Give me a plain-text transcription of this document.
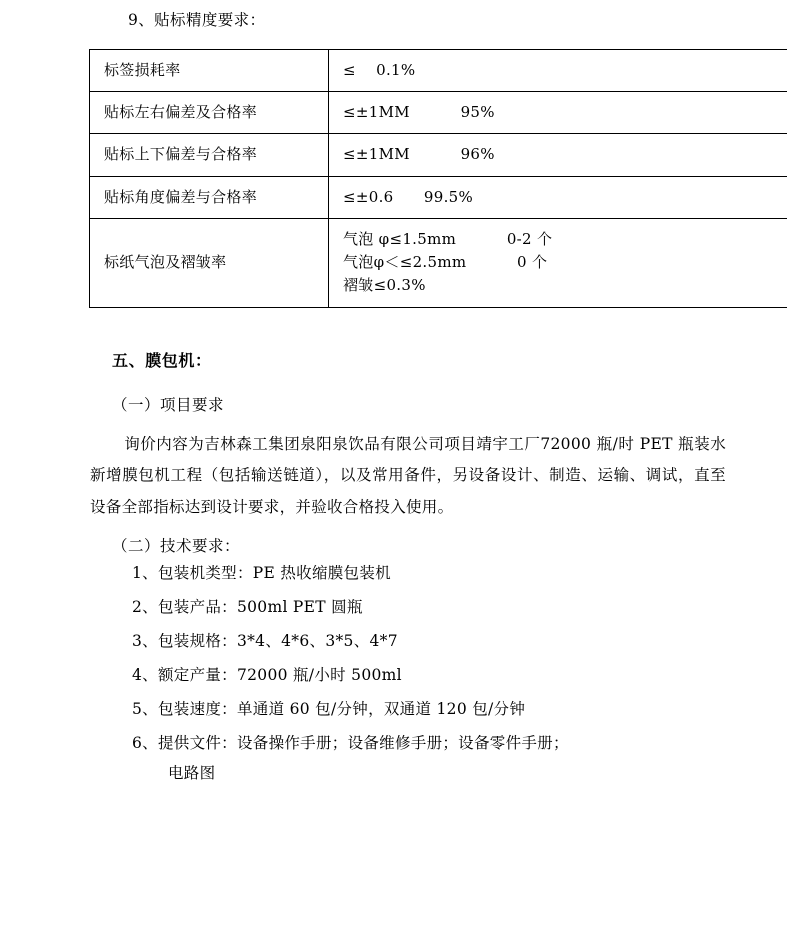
9、贴标精度要求：

标签损耗率	≤    0.1%

贴标左右偏差及合格率	≤±1MM          95%

贴标上下偏差与合格率	≤±1MM          96%

贴标角度偏差与合格率	≤±0.6      99.5%

标纸气泡及褶皱率	气泡 φ≤1.5mm          0-2 个
气泡φ＜≤2.5mm          0 个
褶皱≤0.3%

五、膜包机：

（一）项目要求

询价内容为吉林森工集团泉阳泉饮品有限公司项目靖宇工厂72000 瓶/时 PET 瓶装水新增膜包机工程（包括输送链道），以及常用备件，另设备设计、制造、运输、调试，直至设备全部指标达到设计要求，并验收合格投入使用。

（二）技术要求：

1、包装机类型：PE 热收缩膜包装机
2、包装产品：500ml PET 圆瓶
3、包装规格：3*4、4*6、3*5、4*7
4、额定产量：72000 瓶/小时 500ml
5、包装速度：单通道 60 包/分钟，双通道 120 包/分钟
6、提供文件：设备操作手册；设备维修手册；设备零件手册；
电路图
